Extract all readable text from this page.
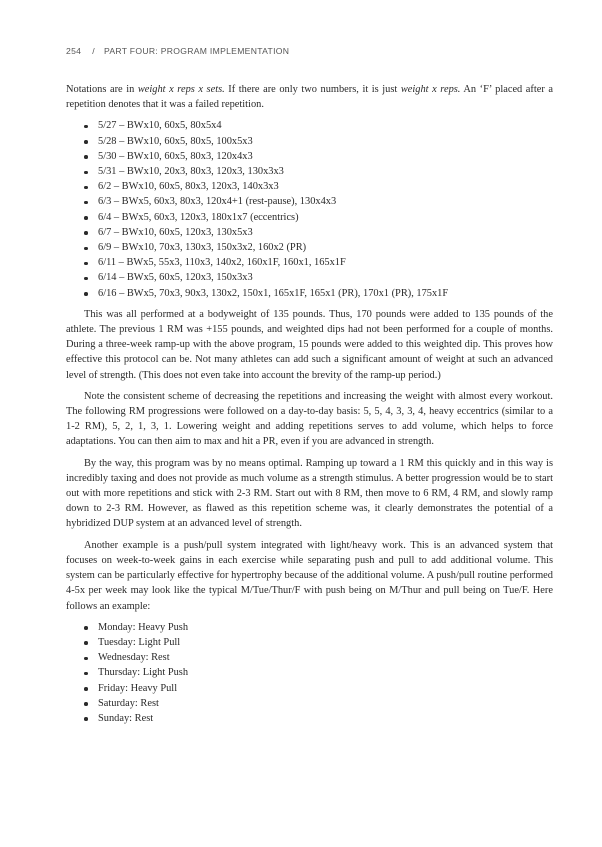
254 / PART FOUR: PROGRAM IMPLEMENTATION

Notations are in weight x reps x sets. If there are only two numbers, it is just weight x reps. An ‘F’ placed after a repetition denotes that it was a failed repetition.

5/27 – BWx10, 60x5, 80x5x4
5/28 – BWx10, 60x5, 80x5, 100x5x3
5/30 – BWx10, 60x5, 80x3, 120x4x3
5/31 – BWx10, 20x3, 80x3, 120x3, 130x3x3
6/2 – BWx10, 60x5, 80x3, 120x3, 140x3x3
6/3 – BWx5, 60x3, 80x3, 120x4+1 (rest-pause), 130x4x3
6/4 – BWx5, 60x3, 120x3, 180x1x7 (eccentrics)
6/7 – BWx10, 60x5, 120x3, 130x5x3
6/9 – BWx10, 70x3, 130x3, 150x3x2, 160x2 (PR)
6/11 – BWx5, 55x3, 110x3, 140x2, 160x1F, 160x1, 165x1F
6/14 – BWx5, 60x5, 120x3, 150x3x3
6/16 – BWx5, 70x3, 90x3, 130x2, 150x1, 165x1F, 165x1 (PR), 170x1 (PR), 175x1F

This was all performed at a bodyweight of 135 pounds. Thus, 170 pounds were added to 135 pounds of the athlete. The previous 1 RM was +155 pounds, and weighted dips had not been performed for a couple of months. During a three-week ramp-up with the above program, 15 pounds were added to this weighted dip. This proves how effective this protocol can be. Not many athletes can add such a significant amount of weight at such an advanced level of strength. (This does not even take into account the brevity of the ramp-up period.)

Note the consistent scheme of decreasing the repetitions and increasing the weight with almost every workout. The following RM progressions were followed on a day-to-day basis: 5, 5, 4, 3, 3, 4, heavy eccentrics (similar to a 1-2 RM), 5, 2, 1, 3, 1. Lowering weight and adding repetitions serves to add volume, which helps to force adaptations. You can then aim to max and hit a PR, even if you are advanced in strength.

By the way, this program was by no means optimal. Ramping up toward a 1 RM this quickly and in this way is incredibly taxing and does not provide as much volume as a strength stimulus. A better progression would be to start out with more repetitions and stick with 2-3 RM. Start out with 8 RM, then move to 6 RM, 4 RM, and slowly ramp down to 2-3 RM. However, as flawed as this repetition scheme was, it clearly demonstrates the potential of a hybridized DUP system at an advanced level of strength.

Another example is a push/pull system integrated with light/heavy work. This is an advanced system that focuses on week-to-week gains in each exercise while separating push and pull to add additional volume. This system can be particularly effective for hypertrophy because of the additional volume. A push/pull routine performed 4-5x per week may look like the typical M/Tue/Thur/F with push being on M/Thur and pull being on Tue/F. Here follows an example:

Monday: Heavy Push
Tuesday: Light Pull
Wednesday: Rest
Thursday: Light Push
Friday: Heavy Pull
Saturday: Rest
Sunday: Rest
